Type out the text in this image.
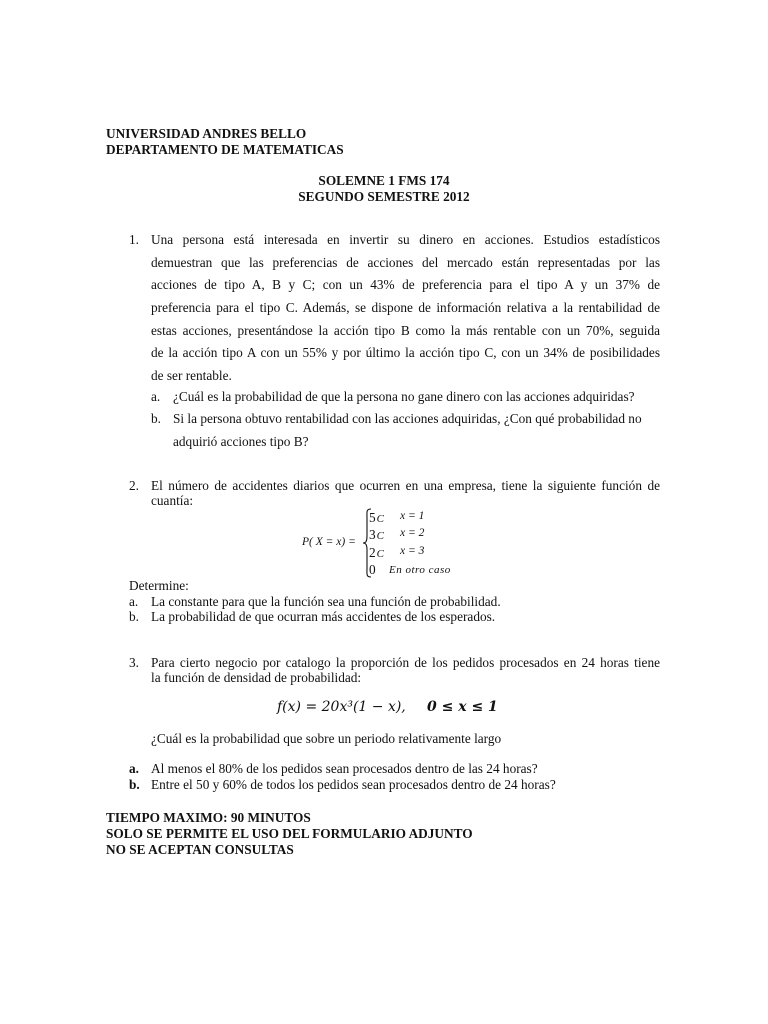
UNIVERSIDAD ANDRES BELLO
DEPARTAMENTO DE MATEMATICAS
SOLEMNE 1 FMS 174
SEGUNDO SEMESTRE 2012
1. Una persona está interesada en invertir su dinero en acciones. Estudios estadísticos
demuestran que las preferencias de acciones del mercado están representadas por las
acciones de tipo A, B y C; con un 43% de preferencia para el tipo A y un 37% de
preferencia para el tipo C. Además, se dispone de información relativa a la rentabilidad de
estas acciones, presentándose la acción tipo B como la más rentable con un 70%, seguida
de la acción tipo A con un 55% y por último la acción tipo C, con un 34% de posibilidades
de ser rentable.
a. ¿Cuál es la probabilidad de que la persona no gane dinero con las acciones adquiridas?
b. Si la persona obtuvo rentabilidad con las acciones adquiridas, ¿Con qué probabilidad no
adquirió acciones tipo B?
2. El número de accidentes diarios que ocurren en una empresa, tiene la siguiente función de
cuantía:
P( X = x) =
5C x = 1
3C x = 2
2C x = 3
0 En otro caso
Determine:
a. La constante para que la función sea una función de probabilidad.
b. La probabilidad de que ocurran más accidentes de los esperados.
3. Para cierto negocio por catalogo la proporción de los pedidos procesados en 24 horas tiene
la función de densidad de probabilidad:
f(x) = 20x³(1 − x), 0 ≤ x ≤ 1
¿Cuál es la probabilidad que sobre un periodo relativamente largo
a. Al menos el 80% de los pedidos sean procesados dentro de las 24 horas?
b. Entre el 50 y 60% de todos los pedidos sean procesados dentro de 24 horas?
TIEMPO MAXIMO: 90 MINUTOS
SOLO SE PERMITE EL USO DEL FORMULARIO ADJUNTO
NO SE ACEPTAN CONSULTAS
